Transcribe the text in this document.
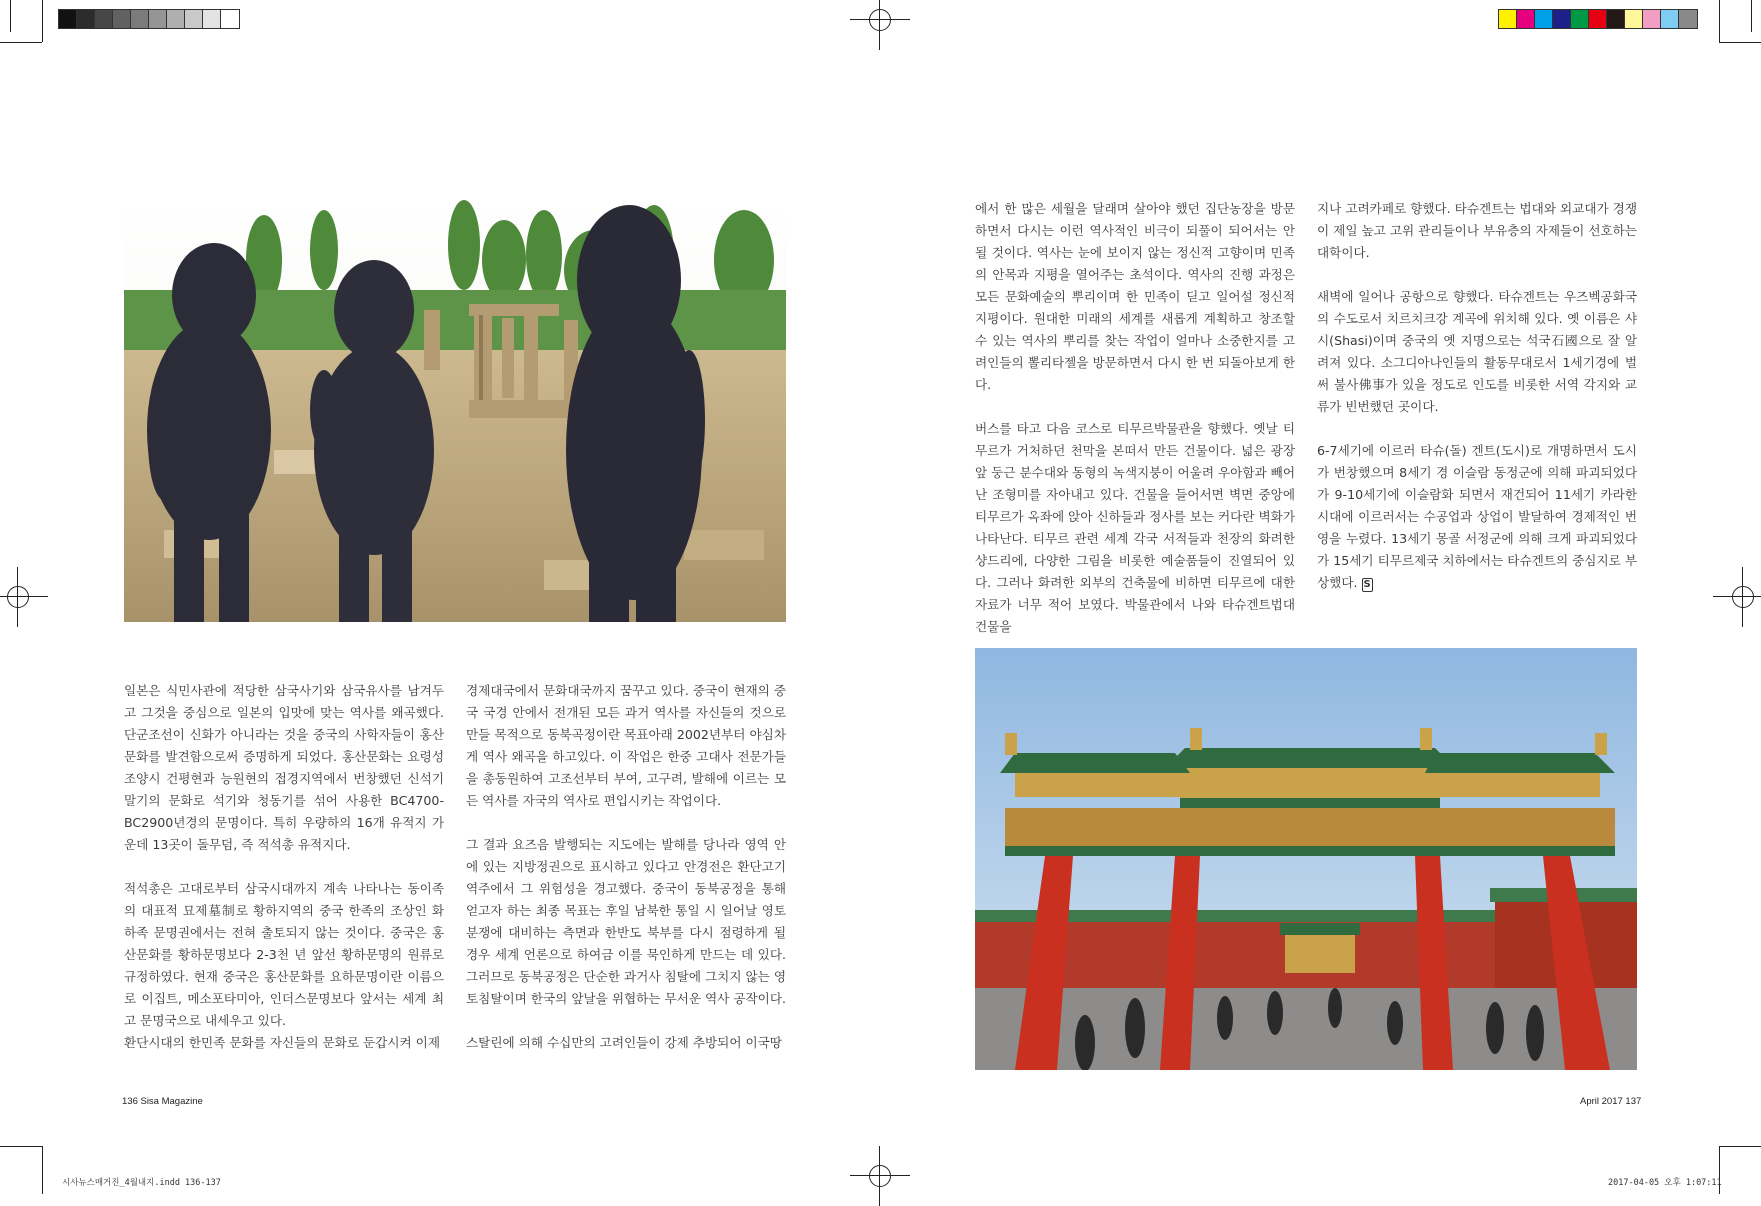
일본은 식민사관에 적당한 삼국사기와 삼국유사를 남겨두고 그것을 중심으로 일본의 입맛에 맞는 역사를 왜곡했다. 단군조선이 신화가 아니라는 것을 중국의 사학자들이 홍산문화를 발견함으로써 증명하게 되었다. 홍산문화는 요령성 조양시 건평현과 능원현의 접경지역에서 번창했던 신석기 말기의 문화로 석기와 청동기를 섞어 사용한 BC4700-BC2900년경의 문명이다. 특히 우량하의 16개 유적지 가운데 13곳이 돌무덤, 즉 적석총 유적지다.

적석총은 고대로부터 삼국시대까지 계속 나타나는 동이족의 대표적 묘제墓制로 황하지역의 중국 한족의 조상인 화하족 문명권에서는 전혀 출토되지 않는 것이다. 중국은 홍산문화를 황하문명보다 2-3천 년 앞선 황하문명의 원류로 규정하였다. 현재 중국은 홍산문화를 요하문명이란 이름으로 이집트, 메소포타미아, 인더스문명보다 앞서는 세계 최고 문명국으로 내세우고 있다.

환단시대의 한민족 문화를 자신들의 문화로 둔갑시켜 이제

경제대국에서 문화대국까지 꿈꾸고 있다. 중국이 현재의 중국 국경 안에서 전개된 모든 과거 역사를 자신들의 것으로 만들 목적으로 동북곡정이란 목표아래 2002년부터 야심차게 역사 왜곡을 하고있다. 이 작업은 한중 고대사 전문가들을 총동원하여 고조선부터 부여, 고구려, 발해에 이르는 모든 역사를 자국의 역사로 편입시키는 작업이다.

그 결과 요즈음 발행되는 지도에는 발해를 당나라 영역 안에 있는 지방정권으로 표시하고 있다고 안경전은 환단고기 역주에서 그 위험성을 경고했다. 중국이 동북공정을 통해 얻고자 하는 최종 목표는 후일 남북한 통일 시 일어날 영토분쟁에 대비하는 측면과 한반도 북부를 다시 점령하게 될 경우 세계 언론으로 하여금 이를 묵인하게 만드는 데 있다. 그러므로 동북공정은 단순한 과거사 침탈에 그치지 않는 영토침탈이며 한국의 앞날을 위협하는 무서운 역사 공작이다.

스탈린에 의해 수십만의 고려인들이 강제 추방되어 이국땅

136 Sisa Magazine

에서 한 많은 세월을 달래며 살아야 했던 집단농장을 방문하면서 다시는 이런 역사적인 비극이 되풀이 되어서는 안 될 것이다. 역사는 눈에 보이지 않는 정신적 고향이며 민족의 안목과 지평을 열어주는 초석이다. 역사의 진행 과정은 모든 문화예술의 뿌리이며 한 민족이 딛고 일어설 정신적 지평이다. 원대한 미래의 세계를 새롭게 계획하고 창조할 수 있는 역사의 뿌리를 찾는 작업이 얼마나 소중한지를 고려인들의 뽈리타젤을 방문하면서 다시 한 번 되돌아보게 한다.

버스를 타고 다음 코스로 티무르박물관을 향했다. 옛날 티무르가 거처하던 천막을 본떠서 만든 건물이다. 넓은 광장 앞 둥근 분수대와 동형의 녹색지붕이 어울려 우아함과 빼어난 조형미를 자아내고 있다. 건물을 들어서면 벽면 중앙에 티무르가 옥좌에 앉아 신하들과 정사를 보는 커다란 벽화가 나타난다. 티무르 관련 세계 각국 서적들과 천장의 화려한 샹드리에, 다양한 그림을 비롯한 예술품들이 진열되어 있다. 그러나 화려한 외부의 건축물에 비하면 티무르에 대한 자료가 너무 적어 보였다. 박물관에서 나와 타슈겐트법대 건물을

지나 고려카페로 향했다. 타슈겐트는 법대와 외교대가 경쟁이 제일 높고 고위 관리들이나 부유층의 자제들이 선호하는 대학이다.

새벽에 일어나 공항으로 향했다. 타슈겐트는 우즈벡공화국의 수도로서 치르치크강 계곡에 위치해 있다. 옛 이름은 샤시(Shasi)이며 중국의 옛 지명으로는 석국石國으로 잘 알려져 있다. 소그디아나인들의 활동무대로서 1세기경에 벌써 불사佛事가 있을 정도로 인도를 비롯한 서역 각지와 교류가 빈번했던 곳이다.

6-7세기에 이르러 타슈(돌) 겐트(도시)로 개명하면서 도시가 번창했으며 8세기 경 이슬람 동정군에 의해 파괴되었다가 9-10세기에 이슬람화 되면서 재건되어 11세기 카라한 시대에 이르러서는 수공업과 상업이 발달하여 경제적인 번영을 누렸다. 13세기 몽골 서정군에 의해 크게 파괴되었다가 15세기 티무르제국 치하에서는 타슈겐트의 중심지로 부상했다. S

April 2017 137
시사뉴스매거진_4월내지.indd 136-137	2017-04-05 오후 1:07:11
